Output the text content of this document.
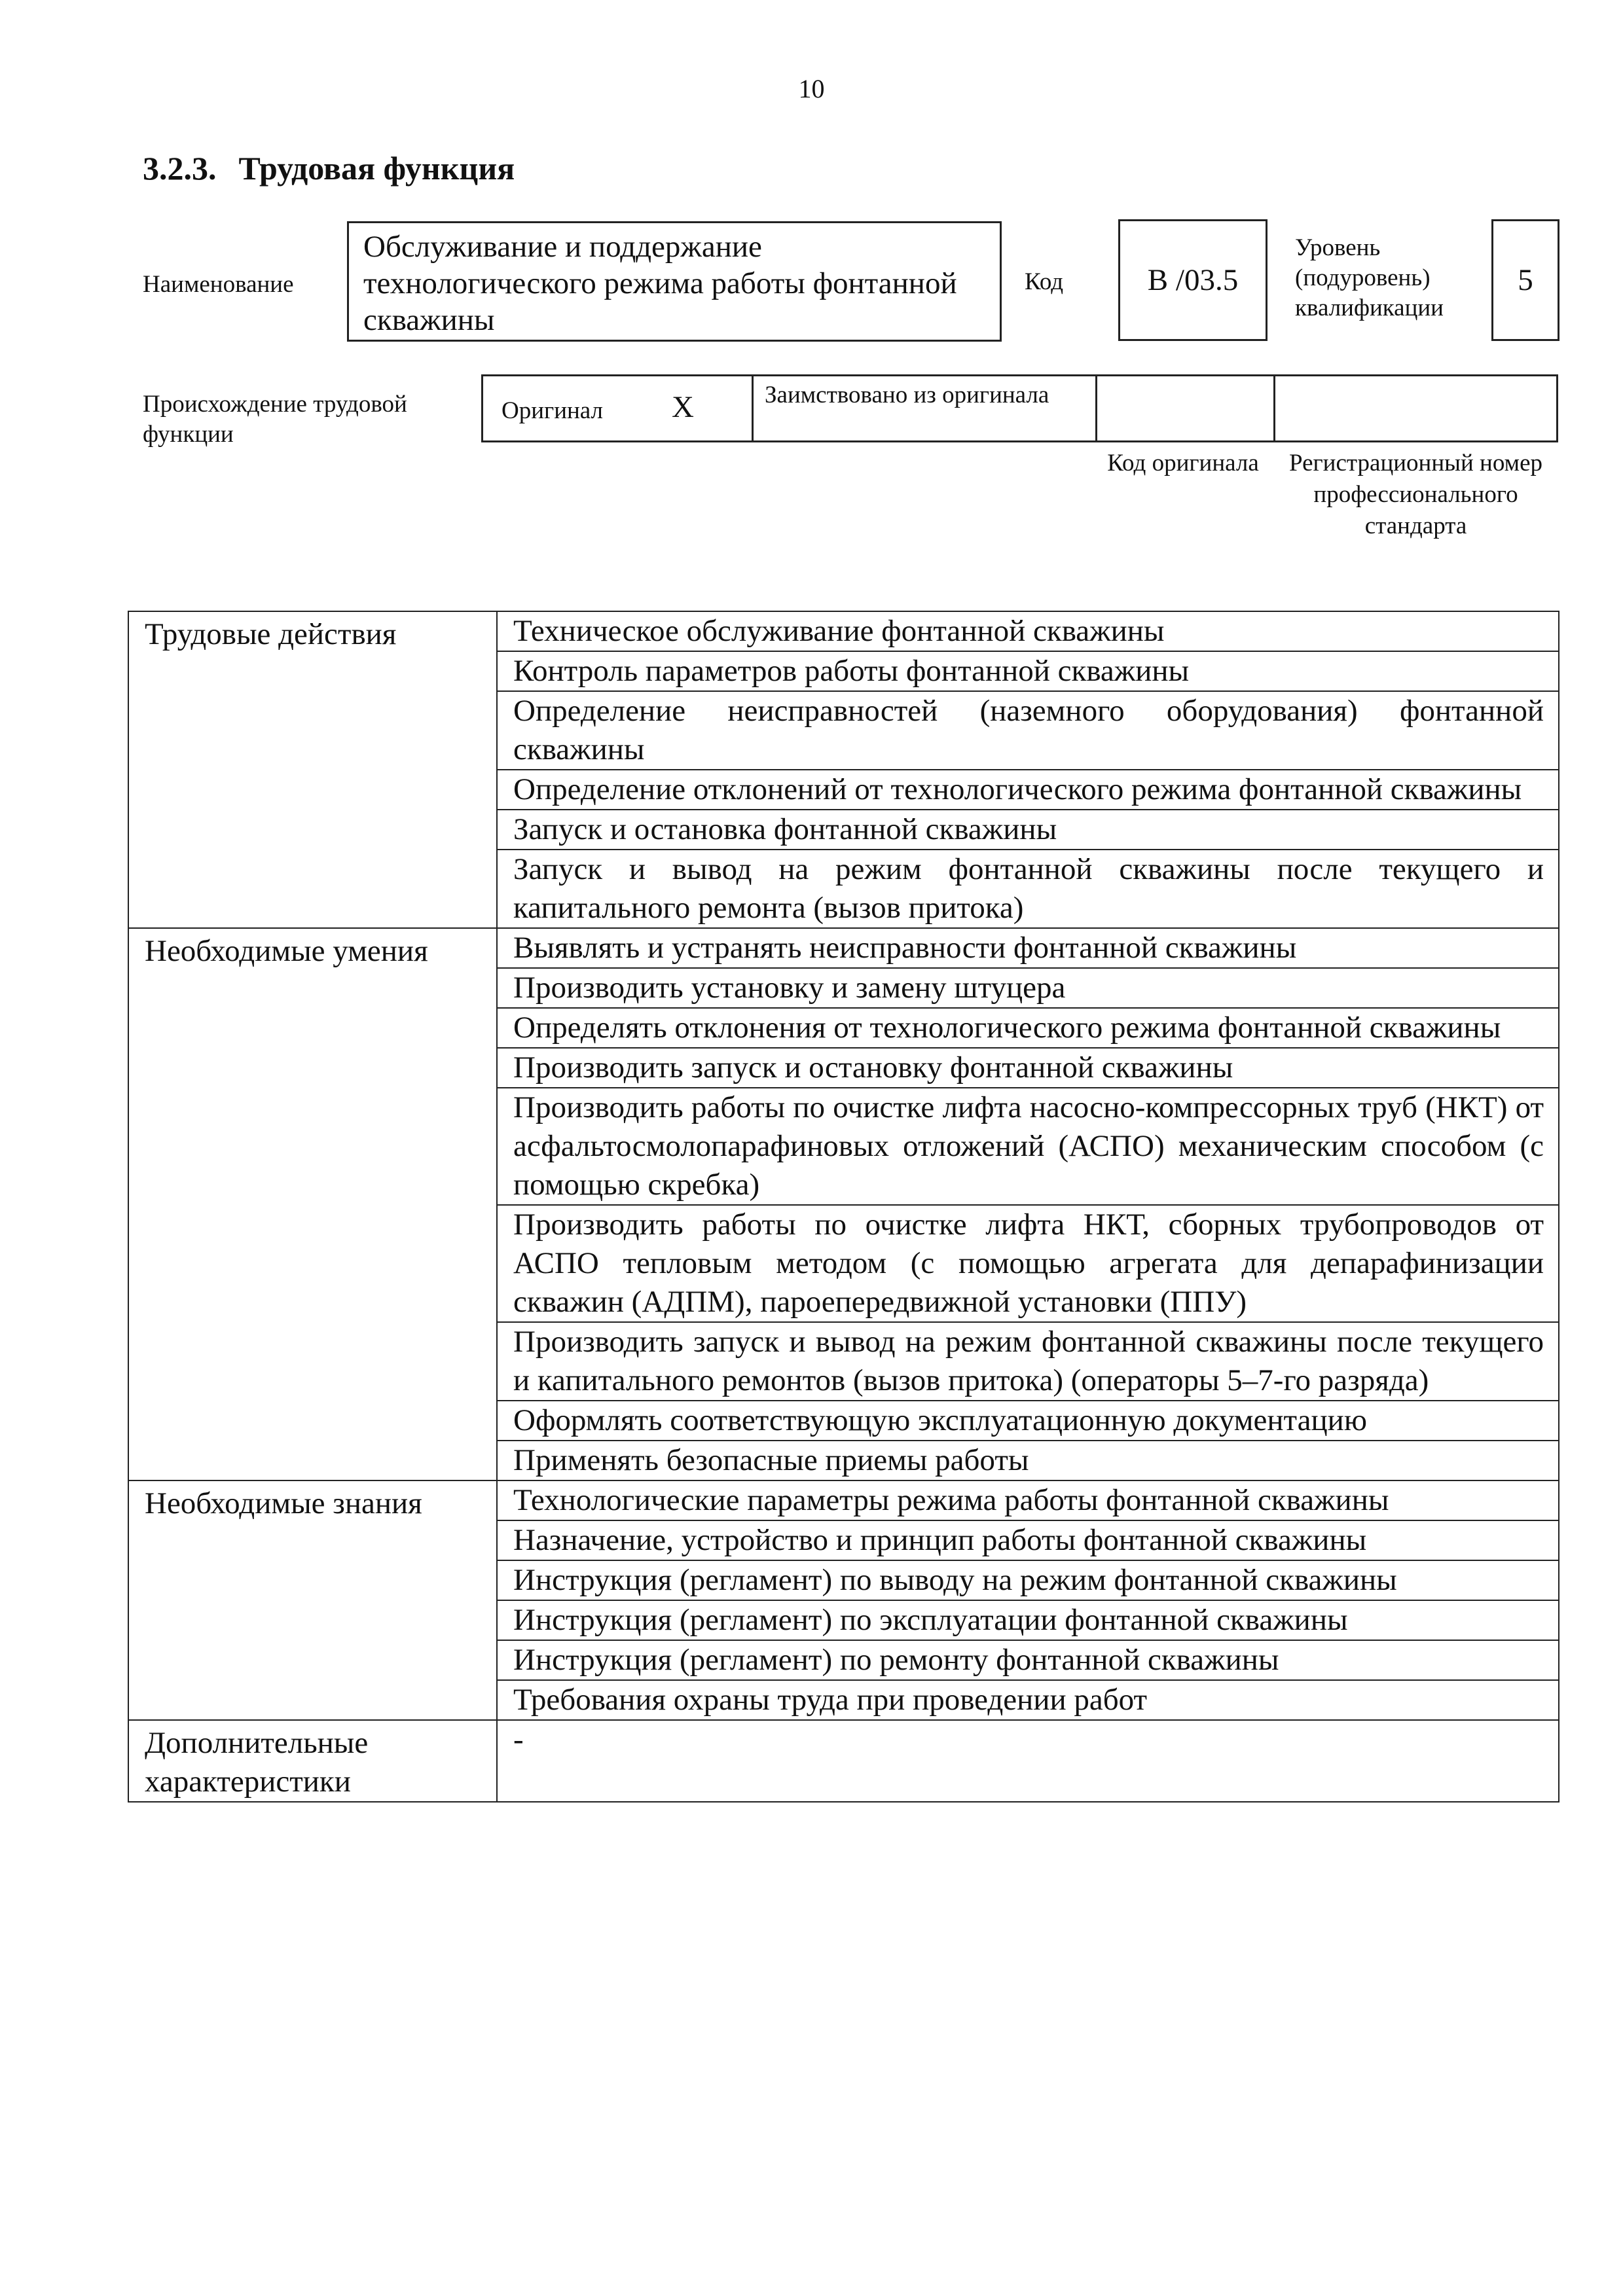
10
3.2.3. Трудовая функция
Наименование
Обслуживание и поддержание технологического режима работы фонтанной скважины
Код	В /03.5
Уровень (подуровень) квалификации
5
Происхождение трудовой функции
Оригинал X	Заимствовано из оригинала
Код оригинала	Регистрационный номер профессионального стандарта
Трудовые действия	Техническое обслуживание фонтанной скважины
	Контроль параметров работы фонтанной скважины
	Определение неисправностей (наземного оборудования) фонтанной скважины
	Определение отклонений от технологического режима фонтанной скважины
	Запуск и остановка фонтанной скважины
	Запуск и вывод на режим фонтанной скважины после текущего и капитального ремонта (вызов притока)
Необходимые умения	Выявлять и устранять неисправности фонтанной скважины
	Производить установку и замену штуцера
	Определять отклонения от технологического режима фонтанной скважины
	Производить запуск и остановку фонтанной скважины
	Производить работы по очистке лифта насосно-компрессорных труб (НКТ) от асфальтосмолопарафиновых отложений (АСПО) механическим способом (с помощью скребка)
	Производить работы по очистке лифта НКТ, сборных трубопроводов от АСПО тепловым методом (с помощью агрегата для депарафинизации скважин (АДПМ), пароепередвижной установки (ППУ)
	Производить запуск и вывод на режим фонтанной скважины после текущего и капитального ремонтов (вызов притока) (операторы 5–7-го разряда)
	Оформлять соответствующую эксплуатационную документацию
	Применять безопасные приемы работы
Необходимые знания	Технологические параметры режима работы фонтанной скважины
	Назначение, устройство и принцип работы фонтанной скважины
	Инструкция (регламент) по выводу на режим фонтанной скважины
	Инструкция (регламент) по эксплуатации фонтанной скважины
	Инструкция (регламент) по ремонту фонтанной скважины
	Требования охраны труда при проведении работ
Дополнительные характеристики	-
